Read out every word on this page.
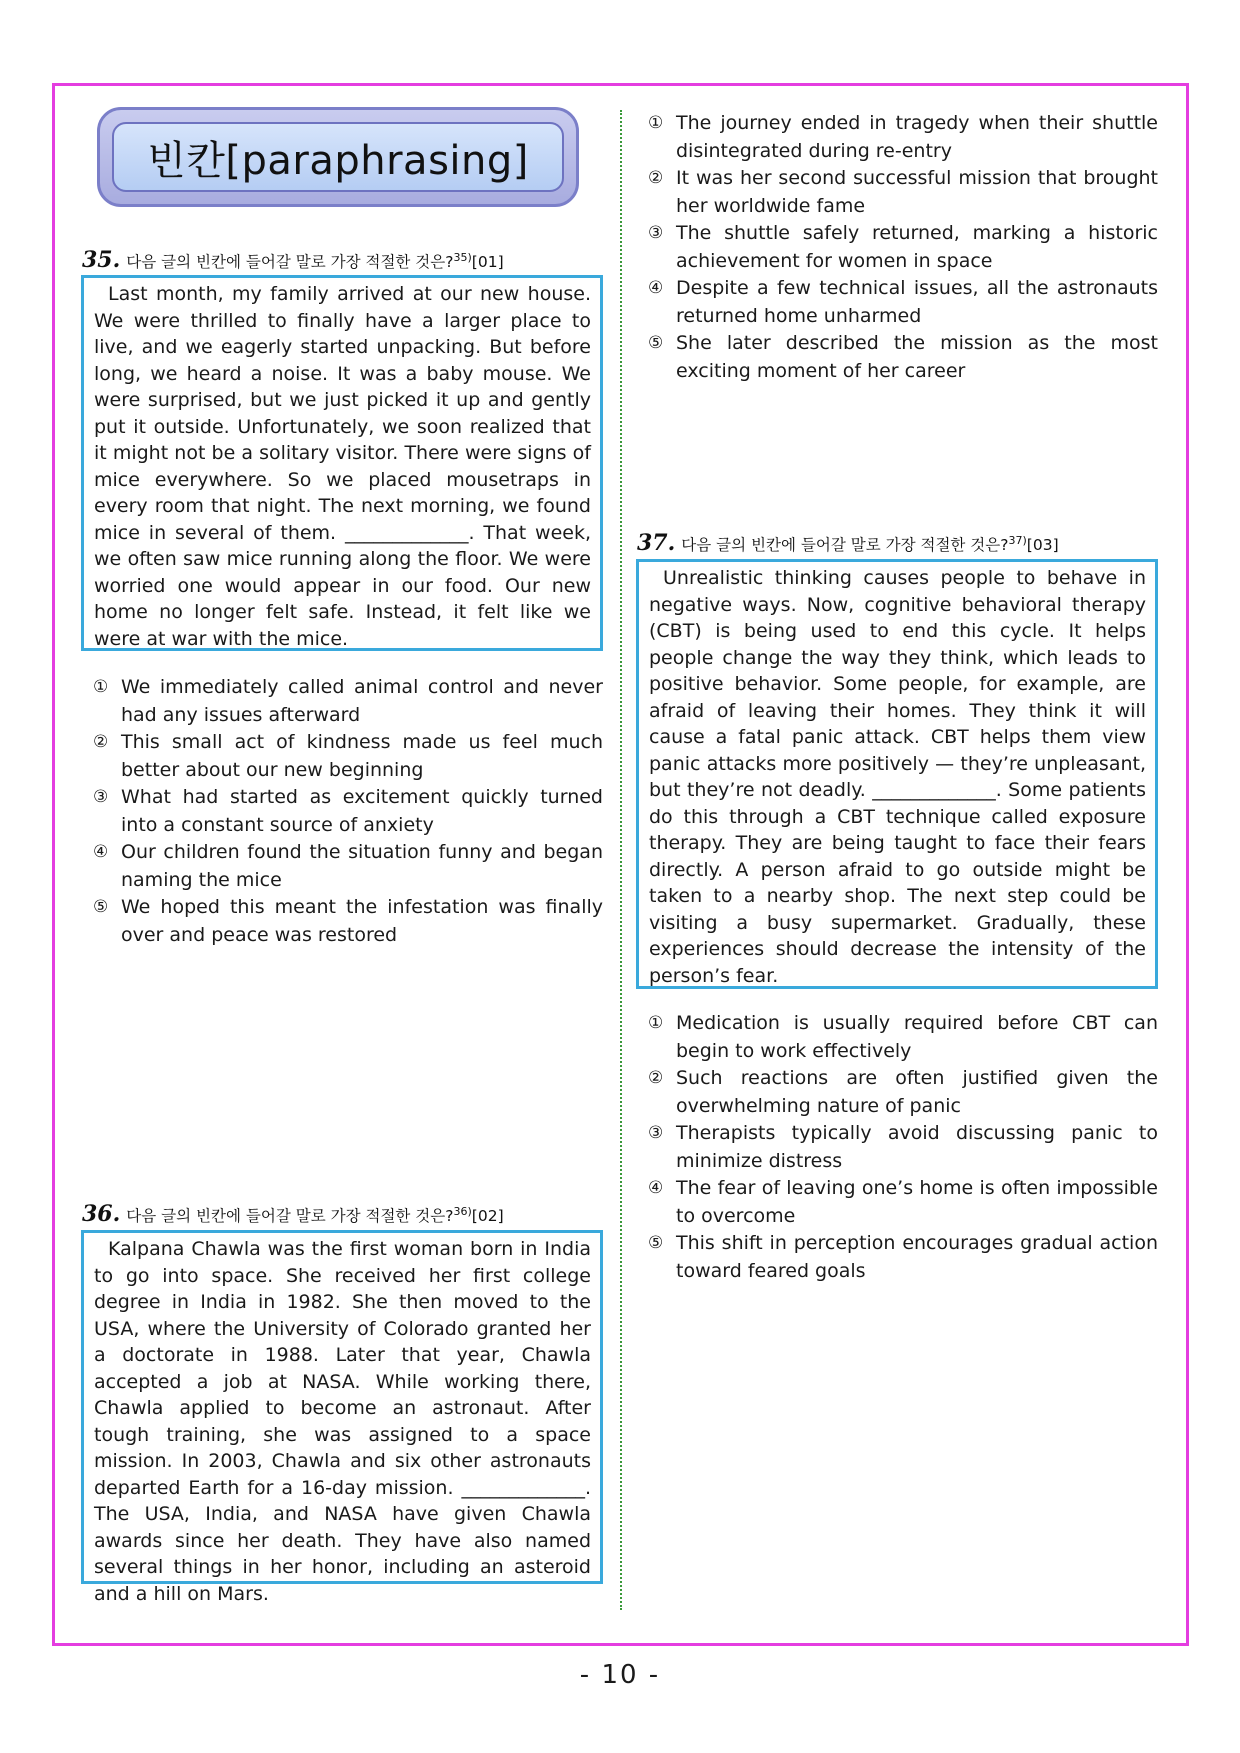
빈칸[paraphrasing]
35. 다음 글의 빈칸에 들어갈 말로 가장 적절한 것은?$^{35)}$[01]
Last month, my family arrived at our new house. We were thrilled to finally have a larger place to live, and we eagerly started unpacking. But before long, we heard a noise. It was a baby mouse. We were surprised, but we just picked it up and gently put it outside. Unfortunately, we soon realized that it might not be a solitary visitor. There were signs of mice everywhere. So we placed mousetraps in every room that night. The next morning, we found mice in several of them. _____________. That week, we often saw mice running along the floor. We were worried one would appear in our food. Our new home no longer felt safe. Instead, it felt like we were at war with the mice.
① We immediately called animal control and never had any issues afterward
② This small act of kindness made us feel much better about our new beginning
③ What had started as excitement quickly turned into a constant source of anxiety
④ Our children found the situation funny and began naming the mice
⑤ We hoped this meant the infestation was finally over and peace was restored
36. 다음 글의 빈칸에 들어갈 말로 가장 적절한 것은?$^{36)}$[02]
Kalpana Chawla was the first woman born in India to go into space. She received her first college degree in India in 1982. She then moved to the USA, where the University of Colorado granted her a doctorate in 1988. Later that year, Chawla accepted a job at NASA. While working there, Chawla applied to become an astronaut. After tough training, she was assigned to a space mission. In 2003, Chawla and six other astronauts departed Earth for a 16-day mission. _____________. The USA, India, and NASA have given Chawla awards since her death. They have also named several things in her honor, including an asteroid and a hill on Mars.
① The journey ended in tragedy when their shuttle disintegrated during re-entry
② It was her second successful mission that brought her worldwide fame
③ The shuttle safely returned, marking a historic achievement for women in space
④ Despite a few technical issues, all the astronauts returned home unharmed
⑤ She later described the mission as the most exciting moment of her career
37. 다음 글의 빈칸에 들어갈 말로 가장 적절한 것은?$^{37)}$[03]
Unrealistic thinking causes people to behave in negative ways. Now, cognitive behavioral therapy (CBT) is being used to end this cycle. It helps people change the way they think, which leads to positive behavior. Some people, for example, are afraid of leaving their homes. They think it will cause a fatal panic attack. CBT helps them view panic attacks more positively — they’re unpleasant, but they’re not deadly. _____________. Some patients do this through a CBT technique called exposure therapy. They are being taught to face their fears directly. A person afraid to go outside might be taken to a nearby shop. The next step could be visiting a busy supermarket. Gradually, these experiences should decrease the intensity of the person’s fear.
① Medication is usually required before CBT can begin to work effectively
② Such reactions are often justified given the overwhelming nature of panic
③ Therapists typically avoid discussing panic to minimize distress
④ The fear of leaving one’s home is often impossible to overcome
⑤ This shift in perception encourages gradual action toward feared goals
- 10 -
